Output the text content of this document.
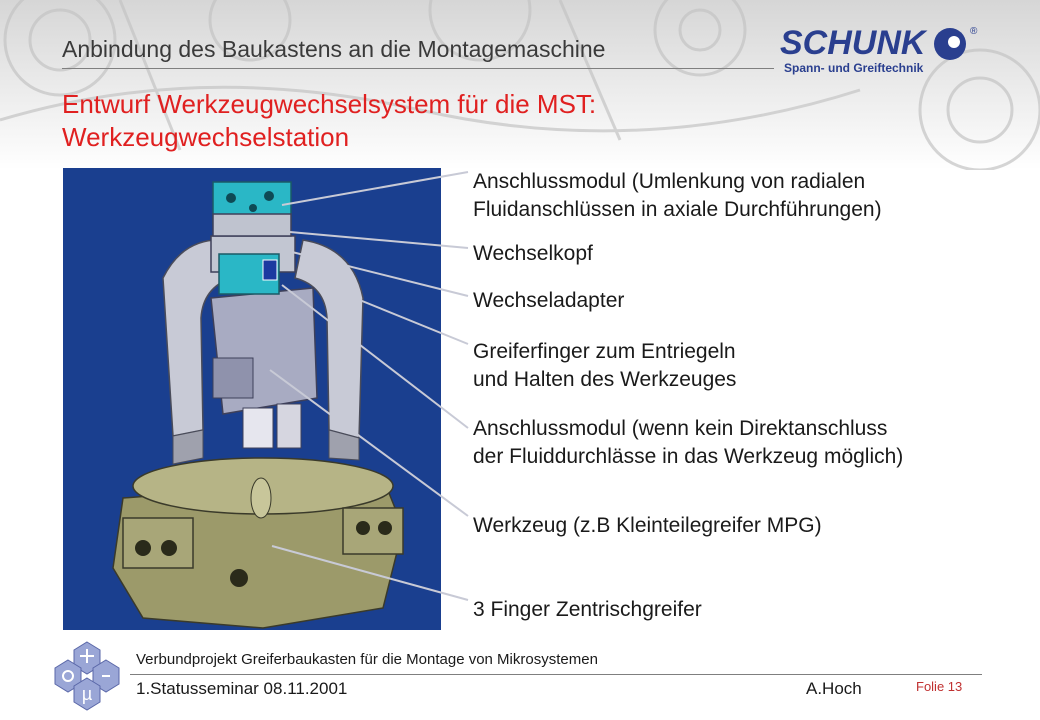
Anbindung des Baukastens an die Montagemaschine	SCHUNK
Spann- und Greiftechnik
®
Entwurf Werkzeugwechselsystem für die MST:
Werkzeugwechselstation
Anschlussmodul (Umlenkung von radialen
Fluidanschlüssen in axiale Durchführungen)
Wechselkopf
Wechseladapter
Greiferfinger zum Entriegeln
und Halten des Werkzeuges
Anschlussmodul (wenn kein Direktanschluss
der Fluiddurchlässe in das Werkzeug möglich)
Werkzeug (z.B Kleinteilegreifer MPG)
3 Finger Zentrischgreifer
µ
Verbundprojekt Greiferbaukasten für die Montage von Mikrosystemen
1.Statusseminar 08.11.2001	A.Hoch	Folie 13
